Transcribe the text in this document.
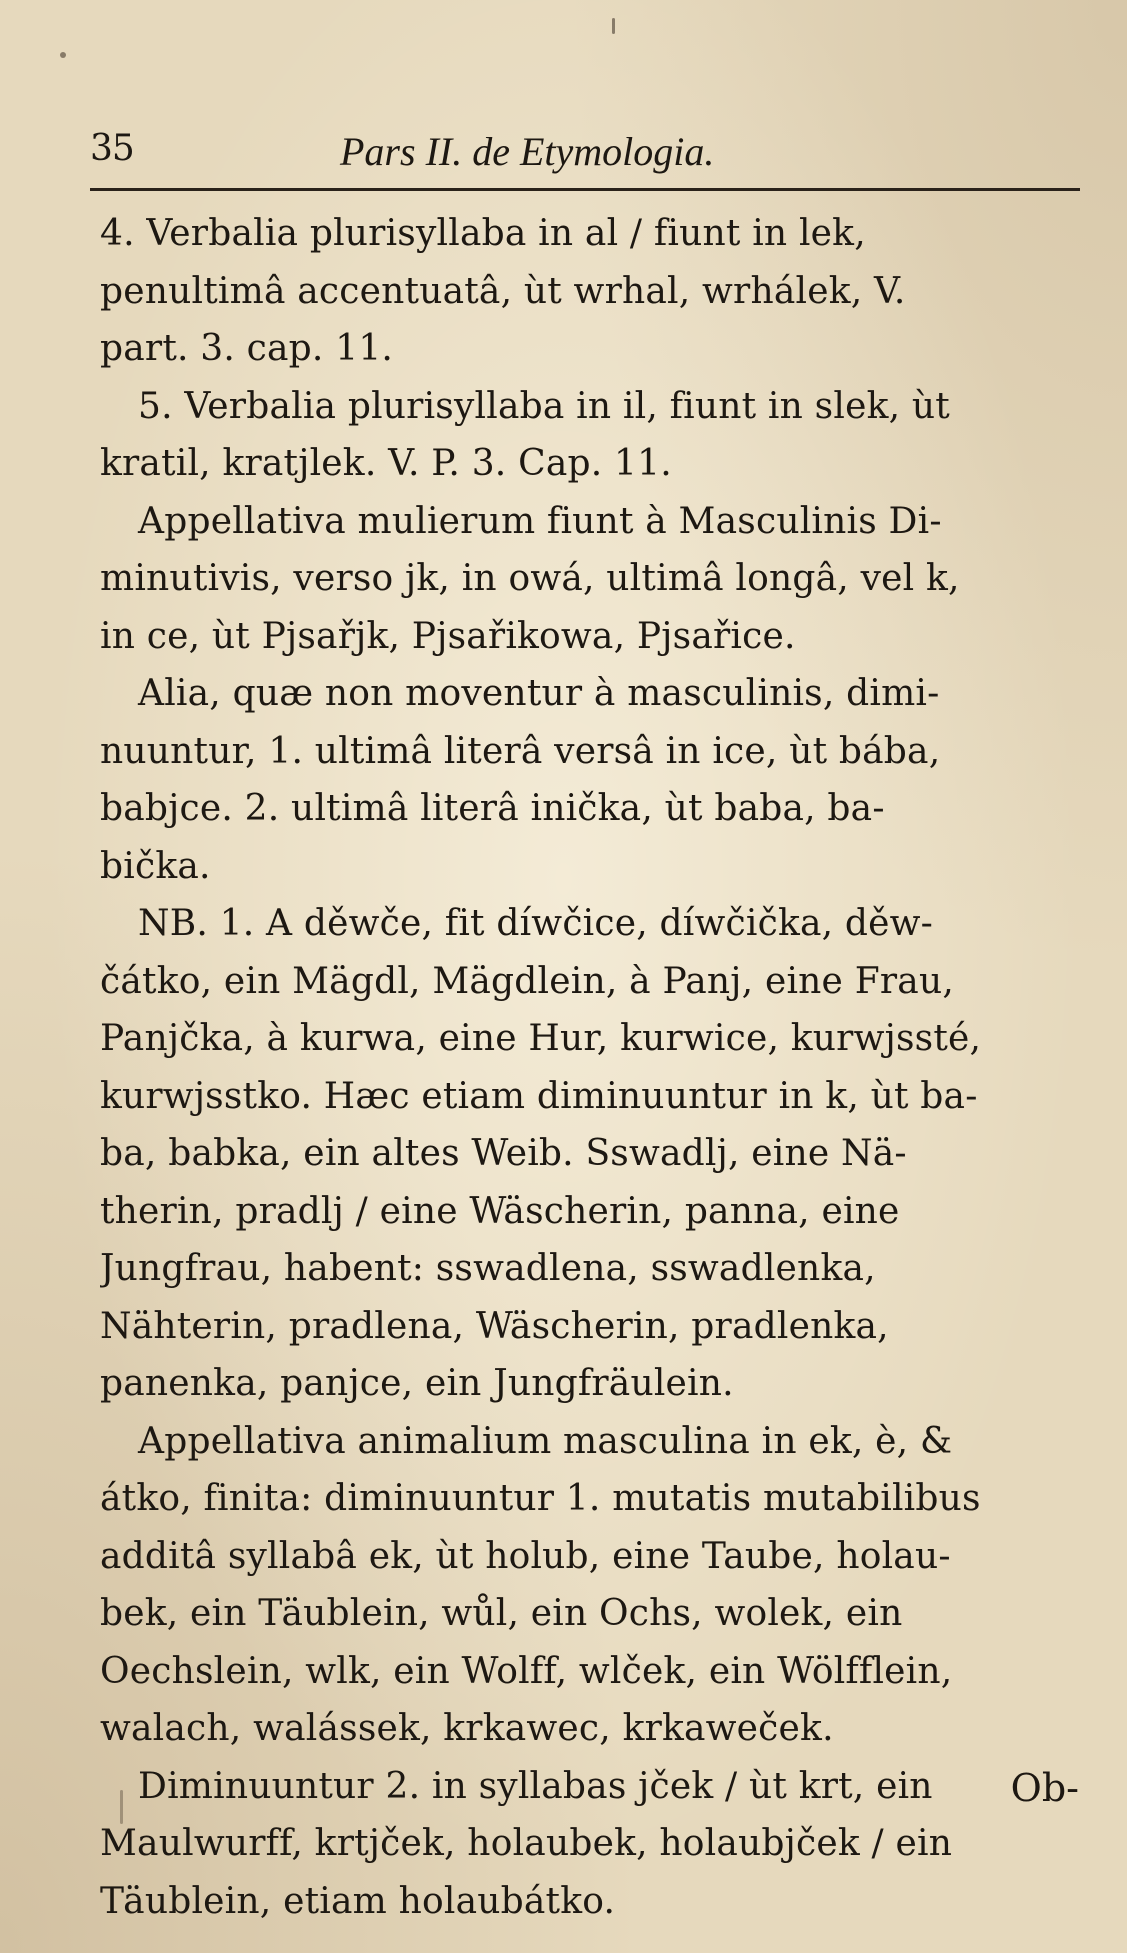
35	Pars II. de Etymologia.
4. Verbalia plurisyllaba in al / fiunt in lek,
penultimâ accentuatâ, ùt wrhal, wrhálek, V.
part. 3. cap. 11.
5. Verbalia plurisyllaba in il, fiunt in slek, ùt
kratil, kratjlek. V. P. 3. Cap. 11.
Appellativa mulierum fiunt à Masculinis Di-
minutivis, verso jk, in owá, ultimâ longâ, vel k,
in ce, ùt Pjsařjk, Pjsařikowa, Pjsařice.
Alia, quæ non moventur à masculinis, dimi-
nuuntur, 1. ultimâ literâ versâ in ice, ùt bába,
babjce. 2. ultimâ literâ inička, ùt baba, ba-
bička.
NB. 1. A děwče, fit díwčice, díwčička, děw-
čátko, ein Mägdl, Mägdlein, à Panj, eine Frau,
Panjčka, à kurwa, eine Hur, kurwice, kurwjssté,
kurwjsstko. Hæc etiam diminuuntur in k, ùt ba-
ba, babka, ein altes Weib. Sswadlj, eine Nä-
therin, pradlj / eine Wäscherin, panna, eine
Jungfrau, habent: sswadlena, sswadlenka,
Nähterin, pradlena, Wäscherin, pradlenka,
panenka, panjce, ein Jungfräulein.
Appellativa animalium masculina in ek, è, &
átko, finita: diminuuntur 1. mutatis mutabilibus
additâ syllabâ ek, ùt holub, eine Taube, holau-
bek, ein Täublein, wůl, ein Ochs, wolek, ein
Oechslein, wlk, ein Wolff, wlček, ein Wölfflein,
walach, walássek, krkawec, krkaweček.
Diminuuntur 2. in syllabas jček / ùt krt, ein
Maulwurff, krtjček, holaubek, holaubjček / ein
Täublein, etiam holaubátko.
Ob-
